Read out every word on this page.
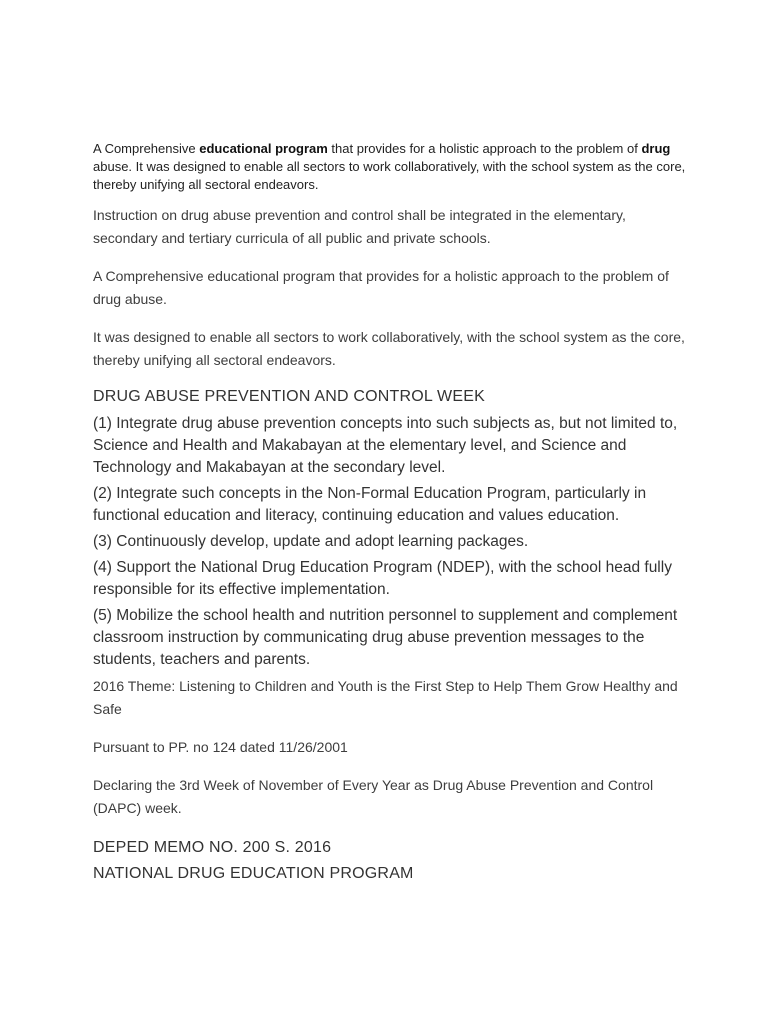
A Comprehensive educational program that provides for a holistic approach to the problem of drug abuse. It was designed to enable all sectors to work collaboratively, with the school system as the core, thereby unifying all sectoral endeavors.

Instruction on drug abuse prevention and control shall be integrated in the elementary, secondary and tertiary curricula of all public and private schools.

A Comprehensive educational program that provides for a holistic approach to the problem of drug abuse.

It was designed to enable all sectors to work collaboratively, with the school system as the core, thereby unifying all sectoral endeavors.

DRUG ABUSE PREVENTION AND CONTROL WEEK

(1) Integrate drug abuse prevention concepts into such subjects as, but not limited to, Science and Health and Makabayan at the elementary level, and Science and Technology and Makabayan at the secondary level.

(2) Integrate such concepts in the Non-Formal Education Program, particularly in functional education and literacy, continuing education and values education.

(3) Continuously develop, update and adopt learning packages.

(4) Support the National Drug Education Program (NDEP), with the school head fully responsible for its effective implementation.

(5) Mobilize the school health and nutrition personnel to supplement and complement classroom instruction by communicating drug abuse prevention messages to the students, teachers and parents.

2016 Theme: Listening to Children and Youth is the First Step to Help Them Grow Healthy and Safe

Pursuant to PP. no 124 dated 11/26/2001

Declaring the 3rd Week of November of Every Year as Drug Abuse Prevention and Control (DAPC) week.

DEPED MEMO NO. 200 S. 2016
NATIONAL DRUG EDUCATION PROGRAM
